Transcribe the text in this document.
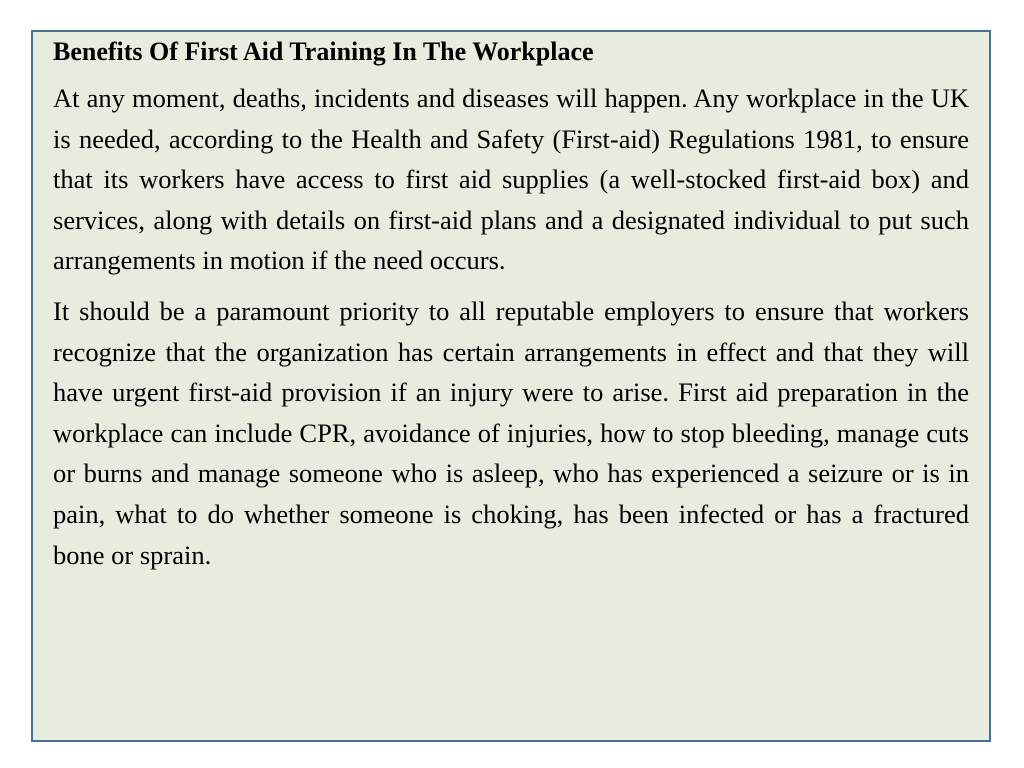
Benefits Of First Aid Training In The Workplace

At any moment, deaths, incidents and diseases will happen. Any workplace in the UK is needed, according to the Health and Safety (First-aid) Regulations 1981, to ensure that its workers have access to first aid supplies (a well-stocked first-aid box) and services, along with details on first-aid plans and a designated individual to put such arrangements in motion if the need occurs.

It should be a paramount priority to all reputable employers to ensure that workers recognize that the organization has certain arrangements in effect and that they will have urgent first-aid provision if an injury were to arise. First aid preparation in the workplace can include CPR, avoidance of injuries, how to stop bleeding, manage cuts or burns and manage someone who is asleep, who has experienced a seizure or is in pain, what to do whether someone is choking, has been infected or has a fractured bone or sprain.
